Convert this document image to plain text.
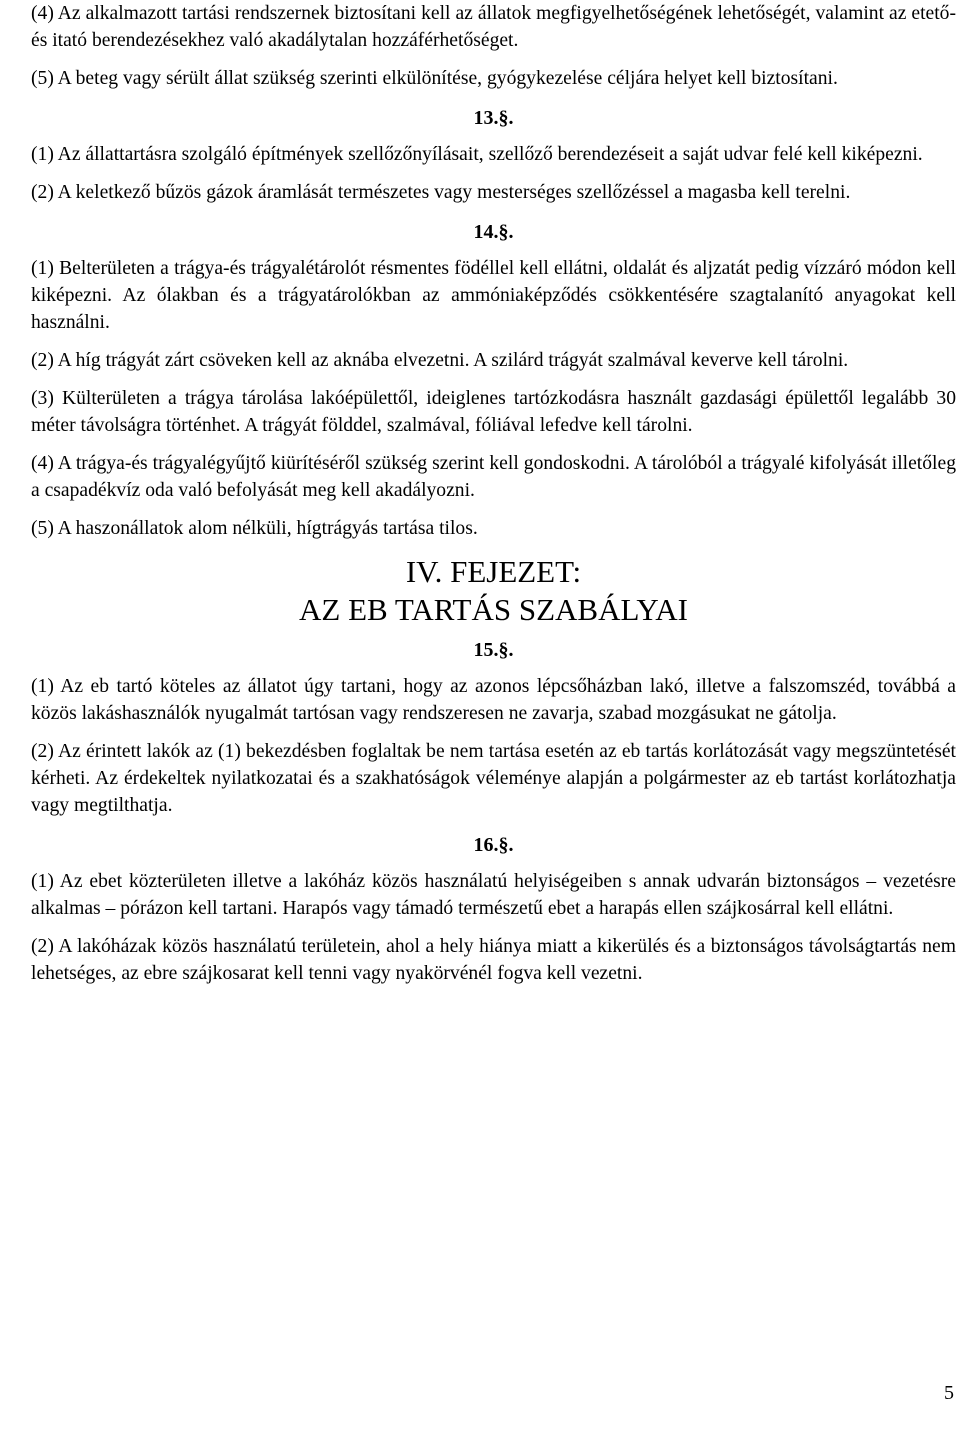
(4) Az alkalmazott tartási rendszernek biztosítani kell az állatok megfigyelhetőségének lehetőségét, valamint az etető- és itató berendezésekhez való akadálytalan hozzáférhetőséget.

(5) A beteg vagy sérült állat szükség szerinti elkülönítése, gyógykezelése céljára helyet kell biztosítani.

13.§.

(1) Az állattartásra szolgáló építmények szellőzőnyílásait, szellőző berendezéseit a saját udvar felé kell kiképezni.

(2) A keletkező bűzös gázok áramlását természetes vagy mesterséges szellőzéssel a magasba kell terelni.

14.§.

(1) Belterületen a trágya-és trágyalétárolót résmentes födéllel kell ellátni, oldalát és aljzatát pedig vízzáró módon kell kiképezni. Az ólakban és a trágyatárolókban az ammóniaképződés csökkentésére szagtalanító anyagokat kell használni.

(2) A híg trágyát zárt csöveken kell az aknába elvezetni. A szilárd trágyát szalmával keverve kell tárolni.

(3) Külterületen a trágya tárolása lakóépülettől, ideiglenes tartózkodásra használt gazdasági épülettől legalább 30 méter távolságra történhet. A trágyát földdel, szalmával, fóliával lefedve kell tárolni.

(4) A trágya-és trágyalégyűjtő kiürítéséről szükség szerint kell gondoskodni. A tárolóból a trágyalé kifolyását illetőleg a csapadékvíz oda való befolyását meg kell akadályozni.

(5) A haszonállatok alom nélküli, hígtrágyás tartása tilos.

IV. FEJEZET:
AZ EB TARTÁS SZABÁLYAI
15.§.

(1) Az eb tartó köteles az állatot úgy tartani, hogy az azonos lépcsőházban lakó, illetve a falszomszéd, továbbá a közös lakáshasználók nyugalmát tartósan vagy rendszeresen ne zavarja, szabad mozgásukat ne gátolja.

(2) Az érintett lakók az (1) bekezdésben foglaltak be nem tartása esetén az eb tartás korlátozását vagy megszüntetését kérheti. Az érdekeltek nyilatkozatai és a szakhatóságok véleménye alapján a polgármester az eb tartást korlátozhatja vagy megtilthatja.

16.§.

(1) Az ebet közterületen illetve a lakóház közös használatú helyiségeiben s annak udvarán biztonságos – vezetésre alkalmas – pórázon kell tartani. Harapós vagy támadó természetű ebet a harapás ellen szájkosárral kell ellátni.

(2) A lakóházak közös használatú területein, ahol a hely hiánya miatt a kikerülés és a biztonságos távolságtartás nem lehetséges, az ebre szájkosarat kell tenni vagy nyakörvénél fogva kell vezetni.

5
